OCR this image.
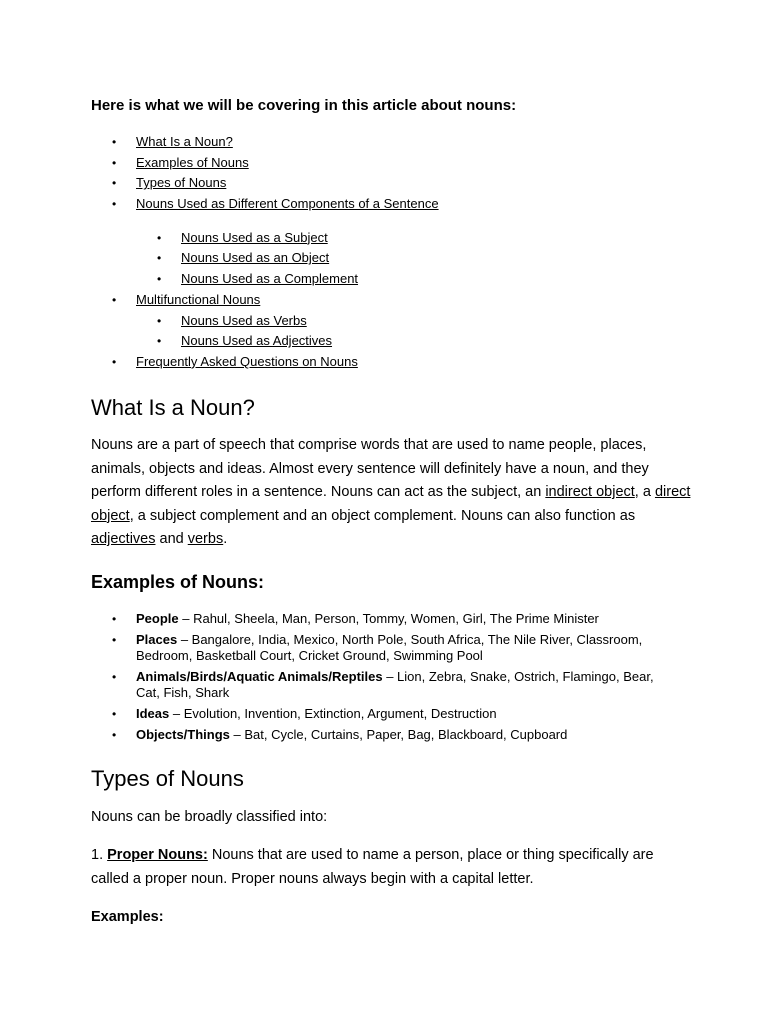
Here is what we will be covering in this article about nouns:

• What Is a Noun?
• Examples of Nouns
• Types of Nouns
• Nouns Used as Different Components of a Sentence
• Nouns Used as a Subject
• Nouns Used as an Object
• Nouns Used as a Complement
• Multifunctional Nouns
• Nouns Used as Verbs
• Nouns Used as Adjectives
• Frequently Asked Questions on Nouns
What Is a Noun?

Nouns are a part of speech that comprise words that are used to name people, places, animals, objects and ideas. Almost every sentence will definitely have a noun, and they perform different roles in a sentence. Nouns can act as the subject, an indirect object, a direct object, a subject complement and an object complement. Nouns can also function as adjectives and verbs.

Examples of Nouns:
• People – Rahul, Sheela, Man, Person, Tommy, Women, Girl, The Prime Minister
• Places – Bangalore, India, Mexico, North Pole, South Africa, The Nile River, Classroom, Bedroom, Basketball Court, Cricket Ground, Swimming Pool
• Animals/Birds/Aquatic Animals/Reptiles – Lion, Zebra, Snake, Ostrich, Flamingo, Bear, Cat, Fish, Shark
• Ideas – Evolution, Invention, Extinction, Argument, Destruction
• Objects/Things – Bat, Cycle, Curtains, Paper, Bag, Blackboard, Cupboard
Types of Nouns

Nouns can be broadly classified into:

1. Proper Nouns: Nouns that are used to name a person, place or thing specifically are called a proper noun. Proper nouns always begin with a capital letter.

Examples:
